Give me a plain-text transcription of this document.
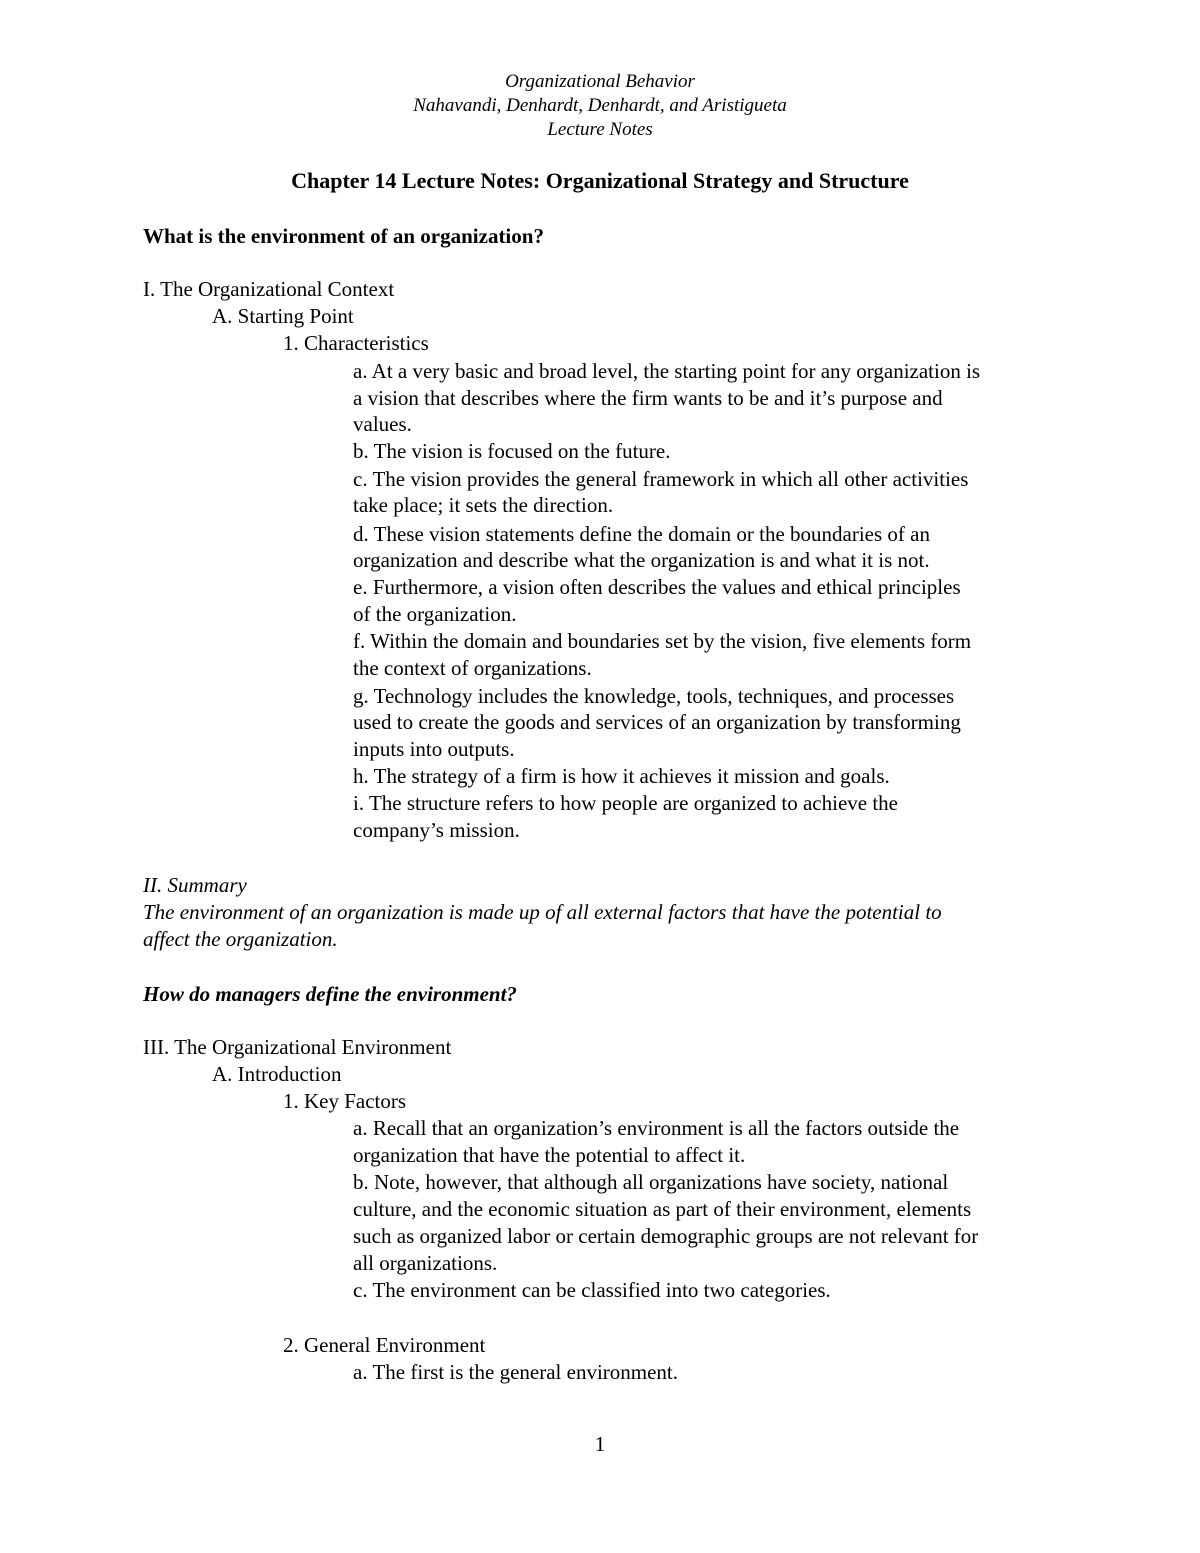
Organizational Behavior
Nahavandi, Denhardt, Denhardt, and Aristigueta
Lecture Notes
Chapter 14 Lecture Notes: Organizational Strategy and Structure
What is the environment of an organization?
I. The Organizational Context
A. Starting Point
1. Characteristics
a. At a very basic and broad level, the starting point for any organization is
a vision that describes where the firm wants to be and it’s purpose and
values.
b. The vision is focused on the future.
c. The vision provides the general framework in which all other activities
take place; it sets the direction.
d. These vision statements define the domain or the boundaries of an
organization and describe what the organization is and what it is not.
e. Furthermore, a vision often describes the values and ethical principles
of the organization.
f. Within the domain and boundaries set by the vision, five elements form
the context of organizations.
g. Technology includes the knowledge, tools, techniques, and processes
used to create the goods and services of an organization by transforming
inputs into outputs.
h. The strategy of a firm is how it achieves it mission and goals.
i. The structure refers to how people are organized to achieve the
company’s mission.
II. Summary
The environment of an organization is made up of all external factors that have the potential to
affect the organization.
How do managers define the environment?
III. The Organizational Environment
A. Introduction
1. Key Factors
a. Recall that an organization’s environment is all the factors outside the
organization that have the potential to affect it.
b. Note, however, that although all organizations have society, national
culture, and the economic situation as part of their environment, elements
such as organized labor or certain demographic groups are not relevant for
all organizations.
c. The environment can be classified into two categories.
2. General Environment
a. The first is the general environment.
1
